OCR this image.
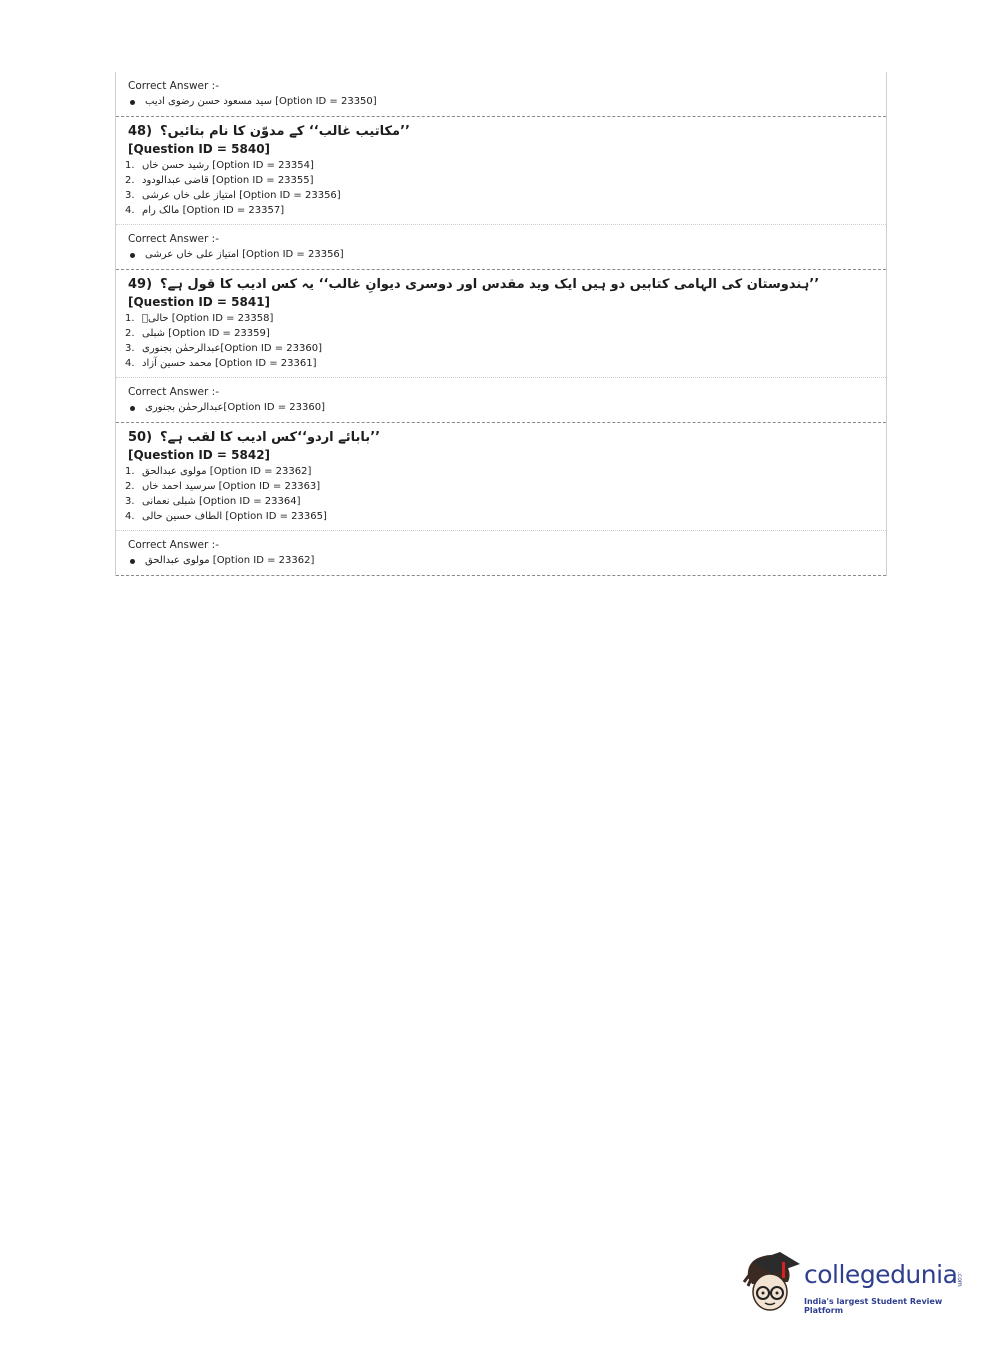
Correct Answer :-
سید مسعود حسن رضوی ادیب [Option ID = 23350]
48) ’’مکاتیب غالب‘‘ کے مدوّن کا نام بتائیں؟
[Question ID = 5840]
1. رشید حسن خاں [Option ID = 23354]
2. قاضی عبدالودود [Option ID = 23355]
3. امتیاز علی خاں عرشی [Option ID = 23356]
4. مالک رام [Option ID = 23357]
Correct Answer :-
امتیاز علی خاں عرشی [Option ID = 23356]
49) ’’ہندوستان کی الہامی کتابیں دو ہیں ایک وید مقدس اور دوسری دیوانِ غالب‘‘ یہ کس ادیب کا قول ہے؟
[Question ID = 5841]
1. حالیؔ [Option ID = 23358]
2. شبلی [Option ID = 23359]
3. عبدالرحمٰن بجنوری[Option ID = 23360]
4. محمد حسین آزاد [Option ID = 23361]
Correct Answer :-
عبدالرحمٰن بجنوری[Option ID = 23360]
50) ’’بابائے اردو‘‘کس ادیب کا لقب ہے؟
[Question ID = 5842]
1. مولوی عبدالحق [Option ID = 23362]
2. سرسید احمد خاں [Option ID = 23363]
3. شبلی نعمانی [Option ID = 23364]
4. الطاف حسین حالی [Option ID = 23365]
Correct Answer :-
مولوی عبدالحق [Option ID = 23362]
collegedunia
.com
India's largest Student Review Platform
